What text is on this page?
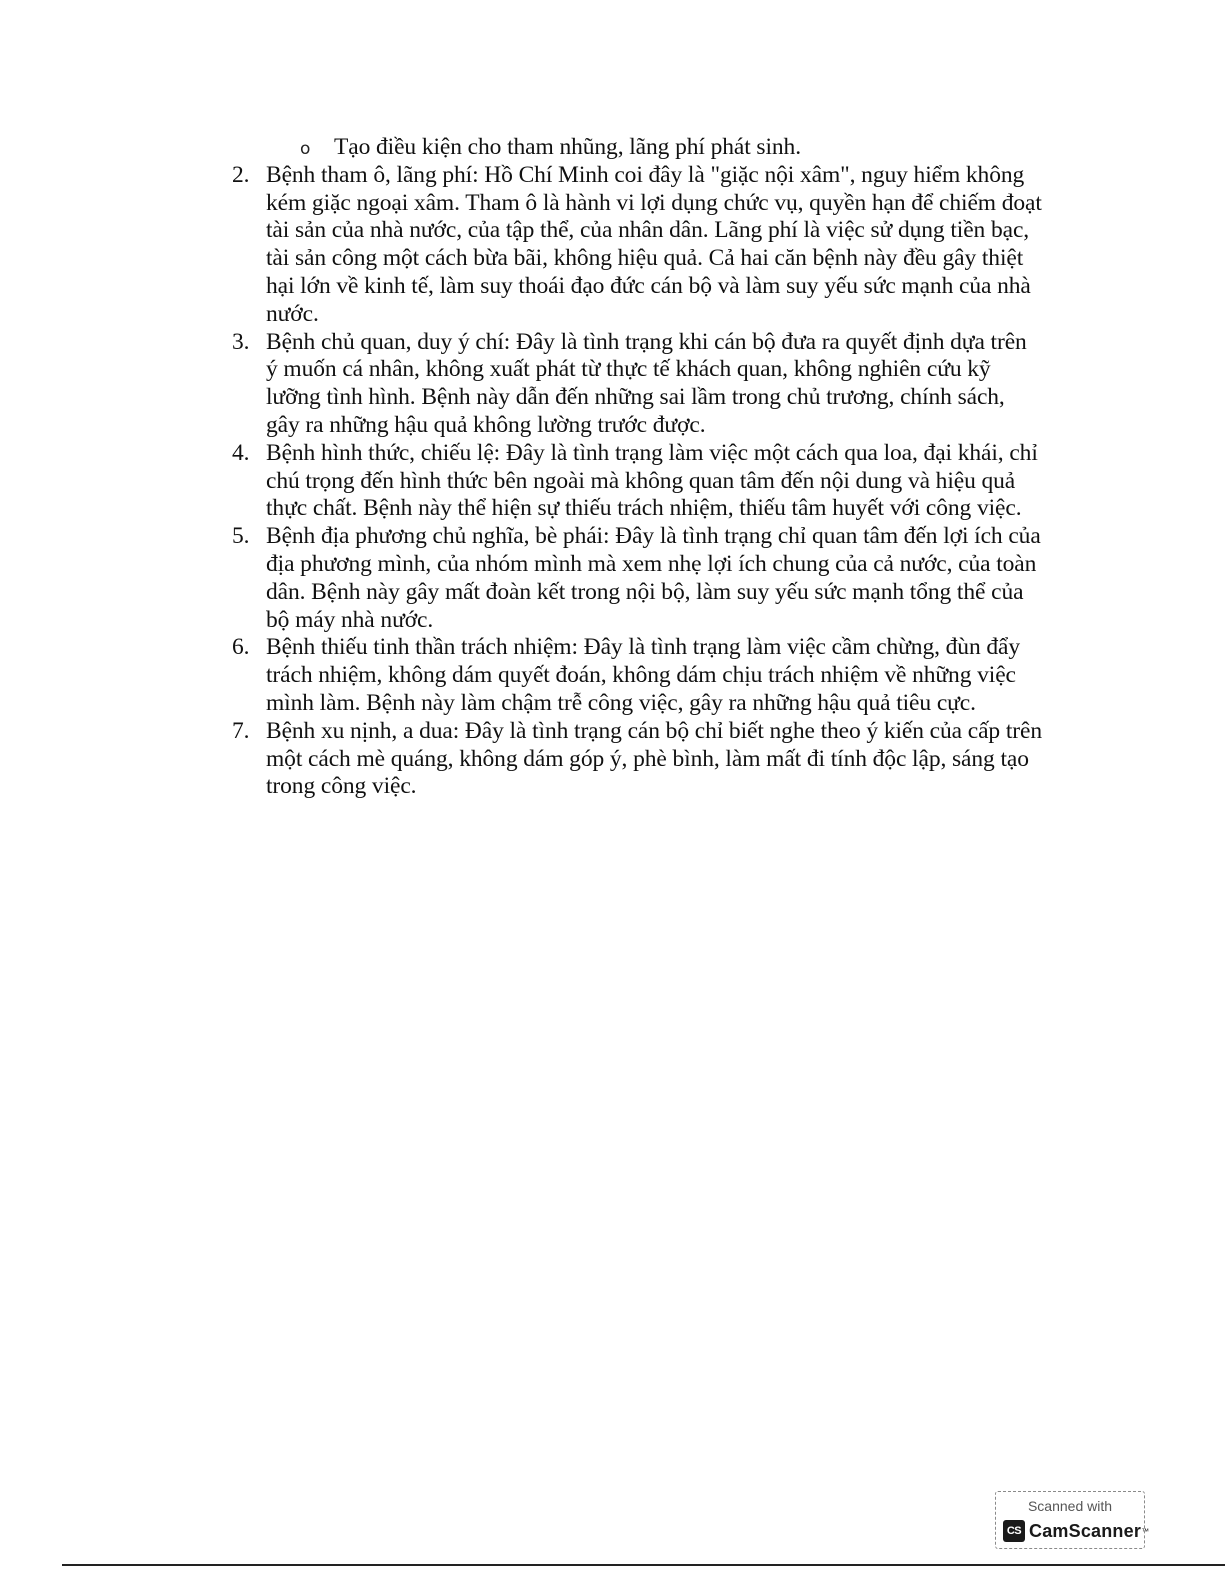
o Tạo điều kiện cho tham nhũng, lãng phí phát sinh.

2. Bệnh tham ô, lãng phí: Hồ Chí Minh coi đây là "giặc nội xâm", nguy hiểm không kém giặc ngoại xâm. Tham ô là hành vi lợi dụng chức vụ, quyền hạn để chiếm đoạt tài sản của nhà nước, của tập thể, của nhân dân. Lãng phí là việc sử dụng tiền bạc, tài sản công một cách bừa bãi, không hiệu quả. Cả hai căn bệnh này đều gây thiệt hại lớn về kinh tế, làm suy thoái đạo đức cán bộ và làm suy yếu sức mạnh của nhà nước.
3. Bệnh chủ quan, duy ý chí: Đây là tình trạng khi cán bộ đưa ra quyết định dựa trên ý muốn cá nhân, không xuất phát từ thực tế khách quan, không nghiên cứu kỹ lưỡng tình hình. Bệnh này dẫn đến những sai lầm trong chủ trương, chính sách, gây ra những hậu quả không lường trước được.
4. Bệnh hình thức, chiếu lệ: Đây là tình trạng làm việc một cách qua loa, đại khái, chỉ chú trọng đến hình thức bên ngoài mà không quan tâm đến nội dung và hiệu quả thực chất. Bệnh này thể hiện sự thiếu trách nhiệm, thiếu tâm huyết với công việc.
5. Bệnh địa phương chủ nghĩa, bè phái: Đây là tình trạng chỉ quan tâm đến lợi ích của địa phương mình, của nhóm mình mà xem nhẹ lợi ích chung của cả nước, của toàn dân. Bệnh này gây mất đoàn kết trong nội bộ, làm suy yếu sức mạnh tổng thể của bộ máy nhà nước.
6. Bệnh thiếu tinh thần trách nhiệm: Đây là tình trạng làm việc cầm chừng, đùn đẩy trách nhiệm, không dám quyết đoán, không dám chịu trách nhiệm về những việc mình làm. Bệnh này làm chậm trễ công việc, gây ra những hậu quả tiêu cực.
7. Bệnh xu nịnh, a dua: Đây là tình trạng cán bộ chỉ biết nghe theo ý kiến của cấp trên một cách mè quáng, không dám góp ý, phè bình, làm mất đi tính độc lập, sáng tạo trong công việc.
Scanned with
CS CamScanner ™
